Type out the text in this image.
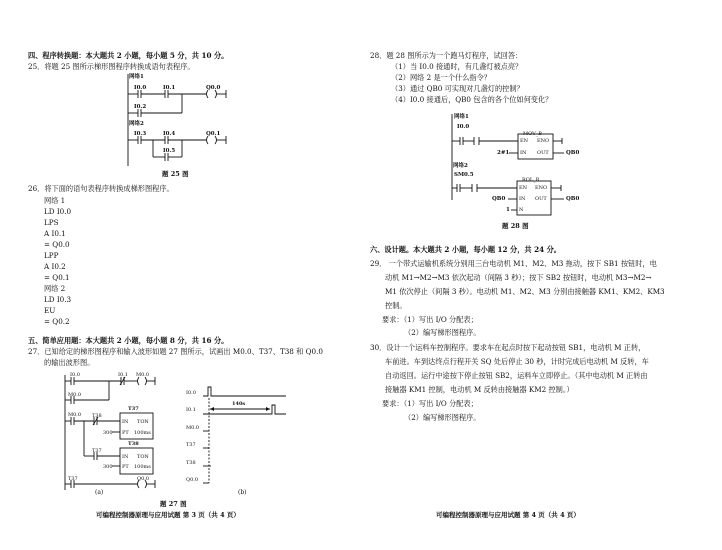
四、程序转换题：本大题共 2 小题，每小题 5 分，共 10 分。
25．将题 25 图所示梯形图程序转换成语句表程序。
网络1
I0.0	I0.1	Q0.0
I0.2
网络2
I0.3	I0.4
I0.5
Q0.1
题 25 图
26．将下面的语句表程序转换成梯形图程序。
网络 1
LD I0.0
LPS
A I0.1
= Q0.0
LPP
A I0.2
= Q0.1
网络 2
LD I0.3
EU
= Q0.2
五、简单应用题：本大题共 2 小题，每小题 8 分，共 16 分。
27．已知给定的梯形图程序和输入波形如题 27 图所示，试画出 M0.0、T37、T38 和 Q0.0
的输出波形图。
I0.0	I0.1 M0.0
M0.0
M0.0 T38
T37
T37	Q0.0
T37
IN TON
PT 100ms
300
T38
IN TON
PT 100ms
300
(a)
I0.0
I0.1
M0.0
T37
T38
Q0.0
140s
(b)
题 27 图
可编程控制器原理与应用试题 第 3 页（共 4 页）
28．题 28 图所示为一个跑马灯程序，试回答：
（1）当 I0.0 接通时，有几盏灯被点亮？
（2）网络 2 是一个什么指令？
（3）通过 QB0 可实现对几盏灯的控制？
（4）I0.0 接通后，QB0 包含的各个位如何变化？
网络1
I0.0
网络2
SM0.5
MOV_B
EN ENO
IN OUT
2#1	QB0
ROL_B
EN ENO
IN OUT
N
QB0	QB0
1
题 28 图
六、设计题。本大题共 2 小题，每小题 12 分，共 24 分。
29． 一个带式运输机系统分别用三台电动机 M1、M2、M3 拖动，按下 SB1 按钮时，电
动机 M1→M2→M3 依次起动（间隔 3 秒）；按下 SB2 按钮时，电动机 M3→M2→
M1 依次停止（间隔 3 秒）。电动机 M1、M2、M3 分别由接触器 KM1、KM2、KM3
控制。
要求：（1）写出 I/O 分配表；
（2）编写梯形图程序。
30．设计一个运料车控制程序。要求车在起点时按下起动按钮 SB1，电动机 M 正转，
车前进。车到达终点行程开关 SQ 处后停止 30 秒，计时完成后电动机 M 反转，车
自动返回。运行中途按下停止按钮 SB2，运料车立即停止。（其中电动机 M 正转由
接触器 KM1 控制，电动机 M 反转由接触器 KM2 控制。）
要求：（1）写出 I/O 分配表；
（2）编写梯形图程序。
可编程控制器原理与应用试题 第 4 页（共 4 页）
